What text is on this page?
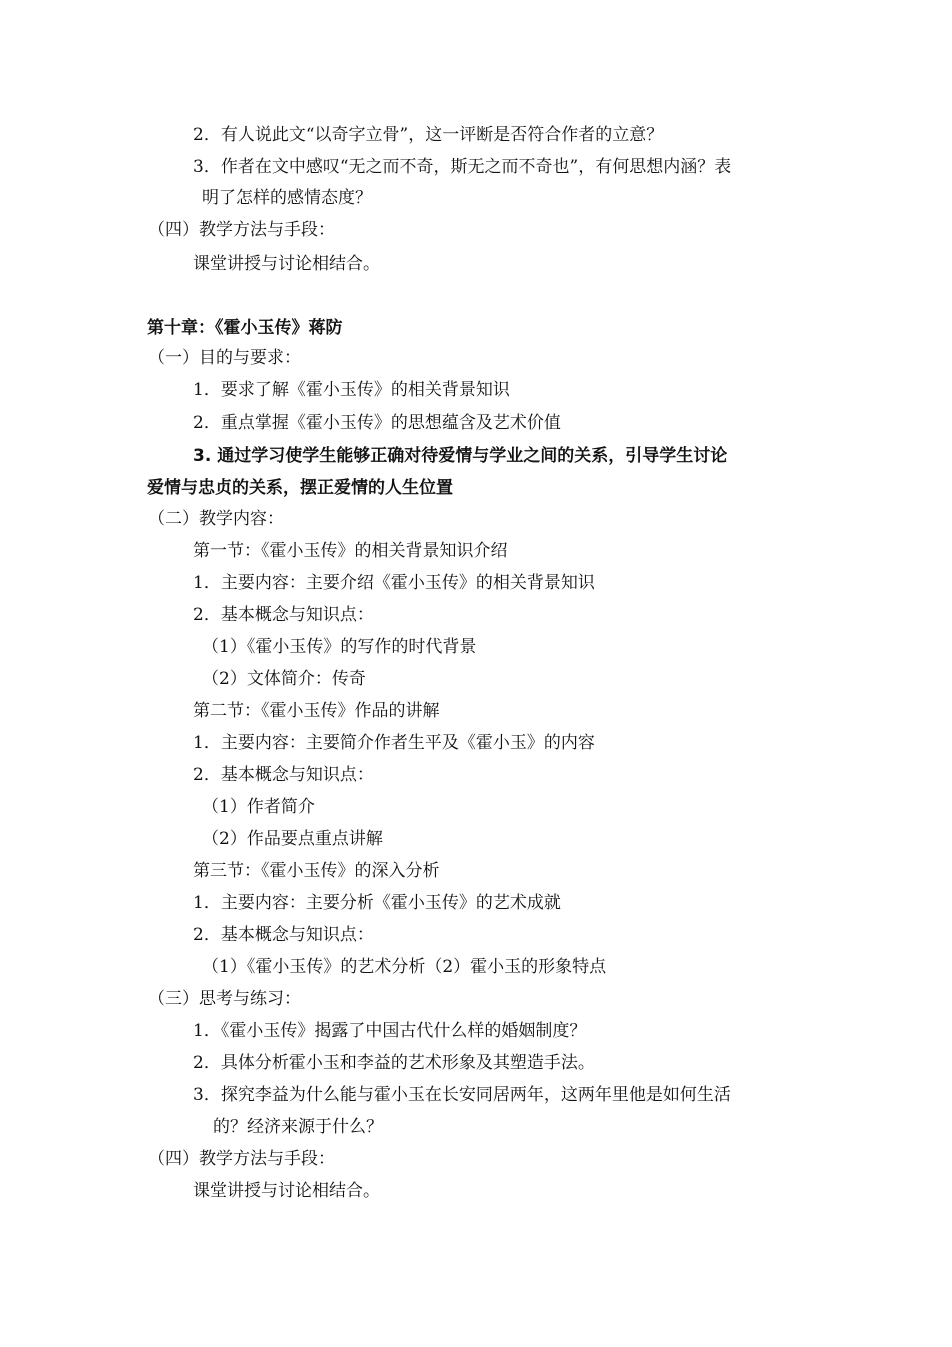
2．有人说此文“以奇字立骨”，这一评断是否符合作者的立意？
3．作者在文中感叹“无之而不奇，斯无之而不奇也”，有何思想内涵？表
明了怎样的感情态度？
（四）教学方法与手段：
课堂讲授与讨论相结合。
第十章：《霍小玉传》蒋防
（一）目的与要求：
1．要求了解《霍小玉传》的相关背景知识
2．重点掌握《霍小玉传》的思想蕴含及艺术价值
3. 通过学习使学生能够正确对待爱情与学业之间的关系，引导学生讨论
爱情与忠贞的关系，摆正爱情的人生位置
（二）教学内容：
第一节：《霍小玉传》的相关背景知识介绍
1．主要内容：主要介绍《霍小玉传》的相关背景知识
2．基本概念与知识点：
（1）《霍小玉传》的写作的时代背景
（2）文体简介：传奇
第二节：《霍小玉传》作品的讲解
1．主要内容：主要简介作者生平及《霍小玉》的内容
2．基本概念与知识点：
（1）作者简介
（2）作品要点重点讲解
第三节：《霍小玉传》的深入分析
1．主要内容：主要分析《霍小玉传》的艺术成就
2．基本概念与知识点：
（1）《霍小玉传》的艺术分析（2）霍小玉的形象特点
（三）思考与练习：
1．《霍小玉传》揭露了中国古代什么样的婚姻制度？
2．具体分析霍小玉和李益的艺术形象及其塑造手法。
3．探究李益为什么能与霍小玉在长安同居两年，这两年里他是如何生活
的？经济来源于什么？
（四）教学方法与手段：
课堂讲授与讨论相结合。
